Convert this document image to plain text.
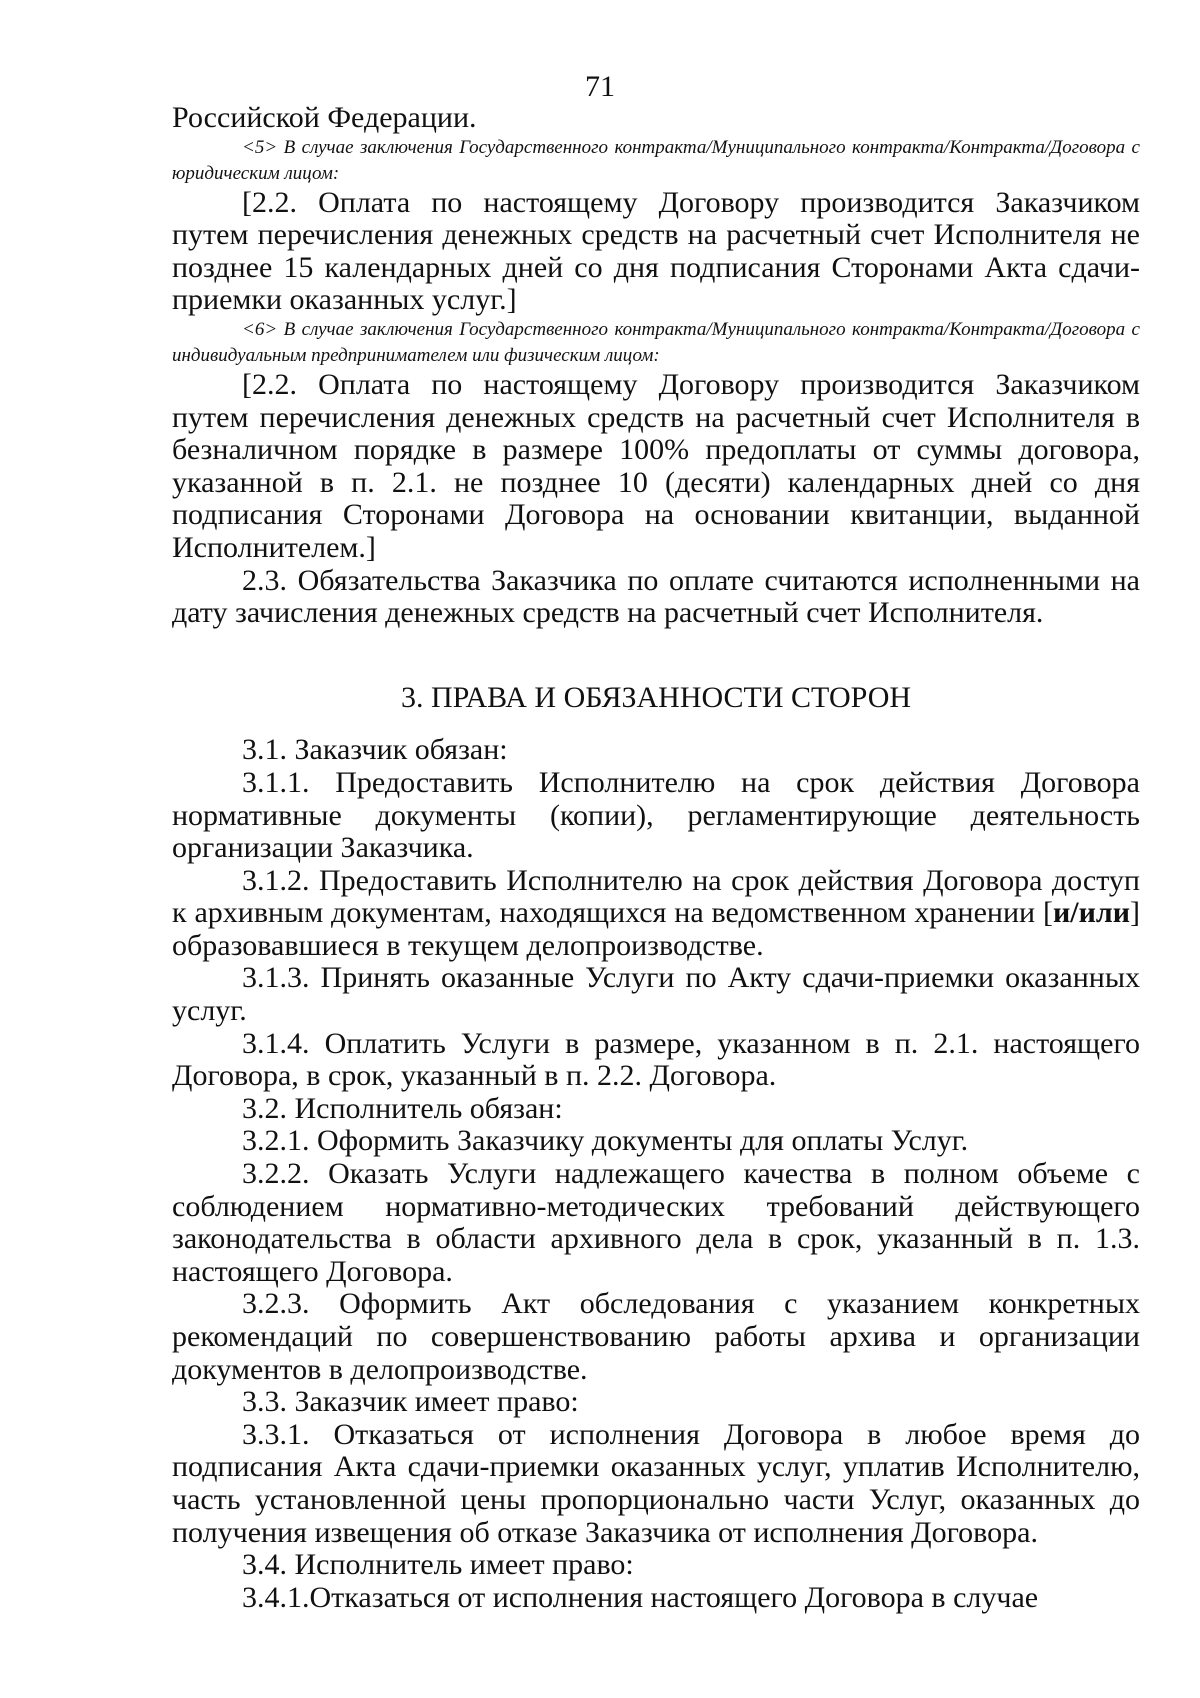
71

Российской Федерации.

<5> В случае заключения Государственного контракта/Муниципального контракта/Контракта/Договора с юридическим лицом:

[2.2. Оплата по настоящему Договору производится Заказчиком путем перечисления денежных средств на расчетный счет Исполнителя не позднее 15 календарных дней со дня подписания Сторонами Акта сдачи-приемки оказанных услуг.]

<6> В случае заключения Государственного контракта/Муниципального контракта/Контракта/Договора с индивидуальным предпринимателем или физическим лицом:

[2.2. Оплата по настоящему Договору производится Заказчиком путем перечисления денежных средств на расчетный счет Исполнителя в безналичном порядке в размере 100% предоплаты от суммы договора, указанной в п. 2.1. не позднее 10 (десяти) календарных дней со дня подписания Сторонами Договора на основании квитанции, выданной Исполнителем.]

2.3. Обязательства Заказчика по оплате считаются исполненными на дату зачисления денежных средств на расчетный счет Исполнителя.

3. ПРАВА И ОБЯЗАННОСТИ СТОРОН

3.1. Заказчик обязан:

3.1.1. Предоставить Исполнителю на срок действия Договора нормативные документы (копии), регламентирующие деятельность организации Заказчика.

3.1.2. Предоставить Исполнителю на срок действия Договора доступ к архивным документам, находящихся на ведомственном хранении [и/или] образовавшиеся в текущем делопроизводстве.

3.1.3. Принять оказанные Услуги по Акту сдачи-приемки оказанных услуг.

3.1.4. Оплатить Услуги в размере, указанном в п. 2.1. настоящего Договора, в срок, указанный в п. 2.2. Договора.

3.2. Исполнитель обязан:

3.2.1. Оформить Заказчику документы для оплаты Услуг.

3.2.2. Оказать Услуги надлежащего качества в полном объеме с соблюдением нормативно-методических требований действующего законодательства в области архивного дела в срок, указанный в п. 1.3. настоящего Договора.

3.2.3. Оформить Акт обследования с указанием конкретных рекомендаций по совершенствованию работы архива и организации документов в делопроизводстве.

3.3. Заказчик имеет право:

3.3.1. Отказаться от исполнения Договора в любое время до подписания Акта сдачи-приемки оказанных услуг, уплатив Исполнителю, часть установленной цены пропорционально части Услуг, оказанных до получения извещения об отказе Заказчика от исполнения Договора.

3.4. Исполнитель имеет право:

3.4.1.Отказаться от исполнения настоящего Договора в случае
